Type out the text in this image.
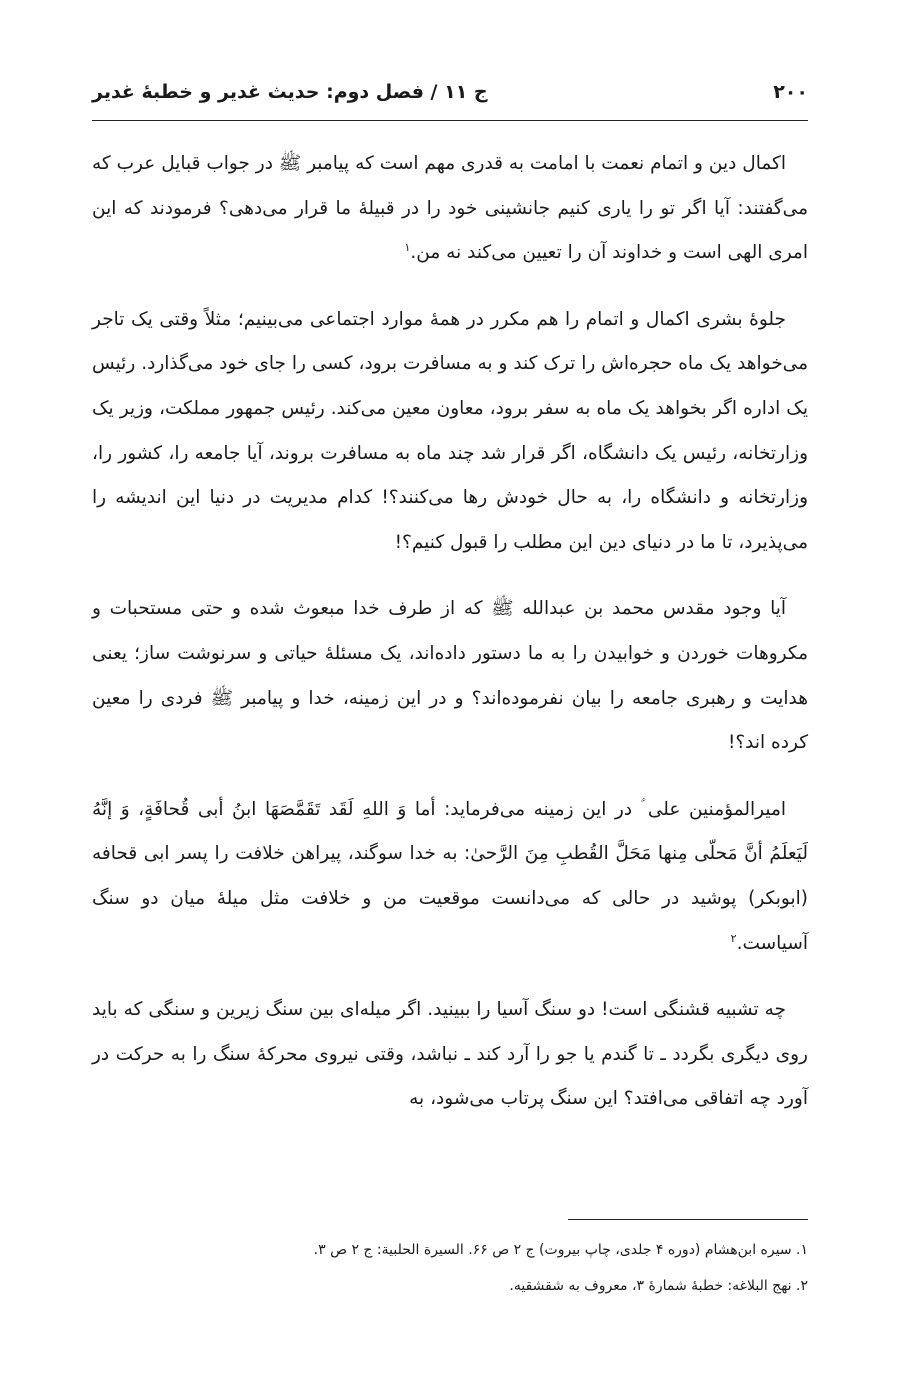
۲۰۰
ج ۱۱ / فصل دوم: حدیث غدیر و خطبهٔ غدیر

اکمال دین و اتمام نعمت با امامت به قدری مهم است که پیامبر ﷺ در جواب قبایل عرب که می‌گفتند: آیا اگر تو را یاری کنیم جانشینی خود را در قبیلهٔ ما قرار می‌دهی؟ فرمودند که این امری الهی است و خداوند آن را تعیین می‌کند نه من.$^۱$

جلوهٔ بشری اکمال و اتمام را هم مکرر در همهٔ موارد اجتماعی می‌بینیم؛ مثلاً وقتی یک تاجر می‌خواهد یک ماه حجره‌اش را ترک کند و به مسافرت برود، کسی را جای خود می‌گذارد. رئیس یک اداره اگر بخواهد یک ماه به سفر برود، معاون معین می‌کند. رئیس جمهور مملکت، وزیر یک وزارتخانه، رئیس یک دانشگاه، اگر قرار شد چند ماه به مسافرت بروند، آیا جامعه را، کشور را، وزارتخانه و دانشگاه را، به حال خودش رها می‌کنند؟! کدام مدیریت در دنیا این اندیشه را می‌پذیرد، تا ما در دنیای دین این مطلب را قبول کنیم؟!

آیا وجود مقدس محمد بن عبدالله ﷺ که از طرف خدا مبعوث شده و حتی مستحبات و مکروهات خوردن و خوابیدن را به ما دستور داده‌اند، یک مسئلهٔ حیاتی و سرنوشت ساز؛ یعنی هدایت و رهبری جامعه را بیان نفرموده‌اند؟ و در این زمینه، خدا و پیامبر ﷺ فردی را معین کرده اند؟!

امیرالمؤمنین علی ؑ در این زمینه می‌فرماید: أما وَ اللهِ لَقَد تَقَمَّصَهَا ابنُ أبی قُحافَةٍ، وَ إنَّهُ لَیَعلَمُ أنَّ مَحلّی مِنها مَحَلَّ القُطبِ مِنَ الرَّحیٰ: به خدا سوگند، پیراهن خلافت را پسر ابی قحافه (ابوبکر) پوشید در حالی که می‌دانست موقعیت من و خلافت مثل میلهٔ میان دو سنگ آسیاست.$^۲$

چه تشبیه قشنگی است! دو سنگ آسیا را ببینید. اگر میله‌ای بین سنگ زیرین و سنگی که باید روی دیگری بگردد ـ تا گندم یا جو را آرد کند ـ نباشد، وقتی نیروی محرکهٔ سنگ را به حرکت در آورد چه اتفاقی می‌افتد؟ این سنگ پرتاب می‌شود، به

۱. سیره ابن‌هشام (دوره ۴ جلدی، چاپ بیروت) ج ۲ ص ۶۶. السیرة الحلبیة: ج ۲ ص ۳.
۲. نهج البلاغه: خطبهٔ شمارهٔ ۳، معروف به شقشقیه.
